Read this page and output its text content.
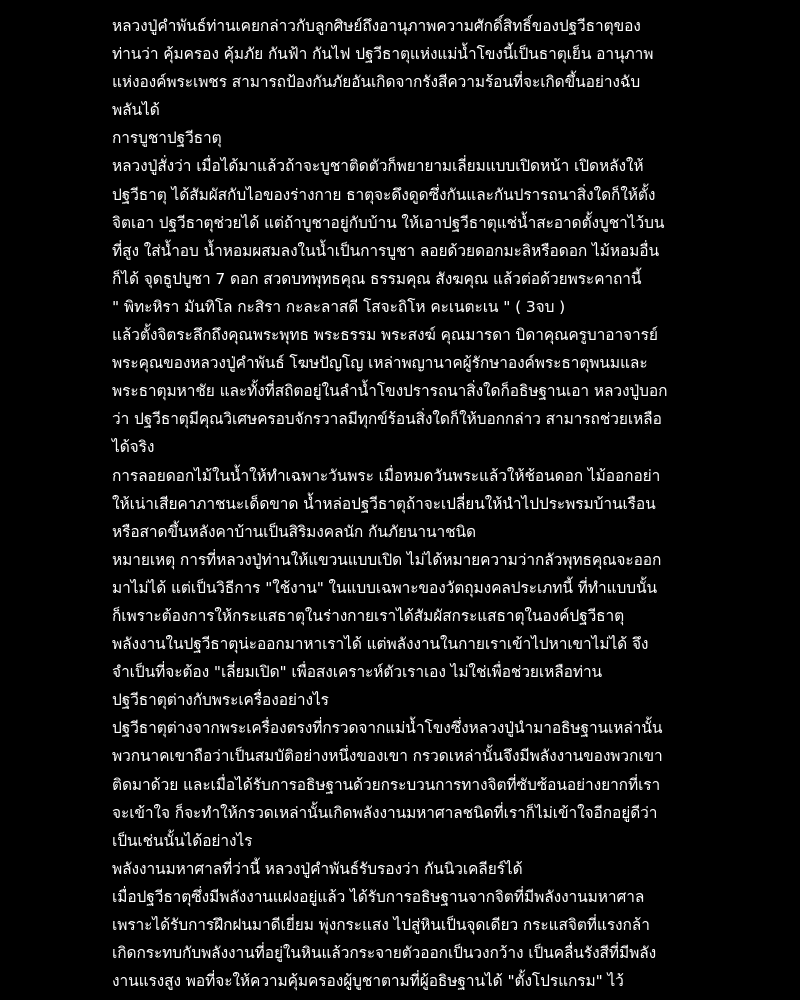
หลวงปู่คำพันธ์ท่านเคยกล่าวกับลูกศิษย์ถึงอานุภาพความศักดิ์สิทธิ์ของปฐวีธาตุของ
ท่านว่า คุ้มครอง คุ้มภัย กันฟ้า กันไฟ ปฐวีธาตุแห่งแม่น้ำโขงนี้เป็นธาตุเย็น อานุภาพ
แห่งองค์พระเพชร สามารถป้องกันภัยอันเกิดจากรังสีความร้อนที่จะเกิดขึ้นอย่างฉับ
พลันได้
การบูชาปฐวีธาตุ
หลวงปู่สั่งว่า เมื่อได้มาแล้วถ้าจะบูชาติดตัวก็พยายามเลี่ยมแบบเปิดหน้า เปิดหลังให้
ปฐวีธาตุ ได้สัมผัสกับไอของร่างกาย ธาตุจะดึงดูดซึ่งกันและกันปรารถนาสิ่งใดก็ให้ตั้ง
จิตเอา ปฐวีธาตุช่วยได้ แต่ถ้าบูชาอยู่กับบ้าน ให้เอาปฐวีธาตุแช่น้ำสะอาดตั้งบูชาไว้บน
ที่สูง ใส่น้ำอบ น้ำหอมผสมลงในน้ำเป็นการบูชา ลอยด้วยดอกมะลิหรือดอก ไม้หอมอื่น
ก็ได้ จุดธูปบูชา 7 ดอก สวดบทพุทธคุณ ธรรมคุณ สังฆคุณ แล้วต่อด้วยพระคาถานี้
" พิทะหิรา มันทิโล กะสิรา กะละลาสดี โสจะถิโห คะเนตะเน " ( 3จบ )
แล้วตั้งจิตระลึกถึงคุณพระพุทธ พระธรรม พระสงฆ์ คุณมารดา บิดาคุณครูบาอาจารย์
พระคุณของหลวงปู่คำพันธ์ โฆษปัญโญ เหล่าพญานาคผู้รักษาองค์พระธาตุพนมและ
พระธาตุมหาชัย และทั้งที่สถิตอยู่ในลำน้ำโขงปรารถนาสิ่งใดก็อธิษฐานเอา หลวงปู่บอก
ว่า ปฐวีธาตุมีคุณวิเศษครอบจักรวาลมีทุกข์ร้อนสิ่งใดก็ให้บอกกล่าว สามารถช่วยเหลือ
ได้จริง
การลอยดอกไม้ในน้ำให้ทำเฉพาะวันพระ เมื่อหมดวันพระแล้วให้ช้อนดอก ไม้ออกอย่า
ให้เน่าเสียคาภาชนะเด็ดขาด น้ำหล่อปฐวีธาตุถ้าจะเปลี่ยนให้นำไปประพรมบ้านเรือน
หรือสาดขึ้นหลังคาบ้านเป็นสิริมงคลนัก กันภัยนานาชนิด
หมายเหตุ การที่หลวงปู่ท่านให้แขวนแบบเปิด ไม่ได้หมายความว่ากลัวพุทธคุณจะออก
มาไม่ได้ แต่เป็นวิธีการ "ใช้งาน" ในแบบเฉพาะของวัตถุมงคลประเภทนี้ ที่ทำแบบนั้น
ก็เพราะต้องการให้กระแสธาตุในร่างกายเราได้สัมผัสกระแสธาตุในองค์ปฐวีธาตุ
พลังงานในปฐวีธาตุน่ะออกมาหาเราได้ แต่พลังงานในกายเราเข้าไปหาเขาไม่ได้ จึง
จำเป็นที่จะต้อง "เลี่ยมเปิด" เพื่อสงเคราะห์ตัวเราเอง ไม่ใช่เพื่อช่วยเหลือท่าน
ปฐวีธาตุต่างกับพระเครื่องอย่างไร
ปฐวีธาตุต่างจากพระเครื่องตรงที่กรวดจากแม่น้ำโขงซึ่งหลวงปู่นำมาอธิษฐานเหล่านั้น
พวกนาคเขาถือว่าเป็นสมบัติอย่างหนึ่งของเขา กรวดเหล่านั้นจึงมีพลังงานของพวกเขา
ติดมาด้วย และเมื่อได้รับการอธิษฐานด้วยกระบวนการทางจิตที่ซับซ้อนอย่างยากที่เรา
จะเข้าใจ ก็จะทำให้กรวดเหล่านั้นเกิดพลังงานมหาศาลชนิดที่เราก็ไม่เข้าใจอีกอยู่ดีว่า
เป็นเช่นนั้นได้อย่างไร
พลังงานมหาศาลที่ว่านี้ หลวงปู่คำพันธ์รับรองว่า กันนิวเคลียร์ได้
เมื่อปฐวีธาตุซึ่งมีพลังงานแฝงอยู่แล้ว ได้รับการอธิษฐานจากจิตที่มีพลังงานมหาศาล
เพราะได้รับการฝึกฝนมาดีเยี่ยม พุ่งกระแสง ไปสู่หินเป็นจุดเดียว กระแสจิตที่แรงกล้า
เกิดกระทบกับพลังงานที่อยู่ในหินแล้วกระจายตัวออกเป็นวงกว้าง เป็นคลื่นรังสีที่มีพลัง
งานแรงสูง พอที่จะให้ความคุ้มครองผู้บูชาตามที่ผู้อธิษฐานได้ "ตั้งโปรแกรม" ไว้
